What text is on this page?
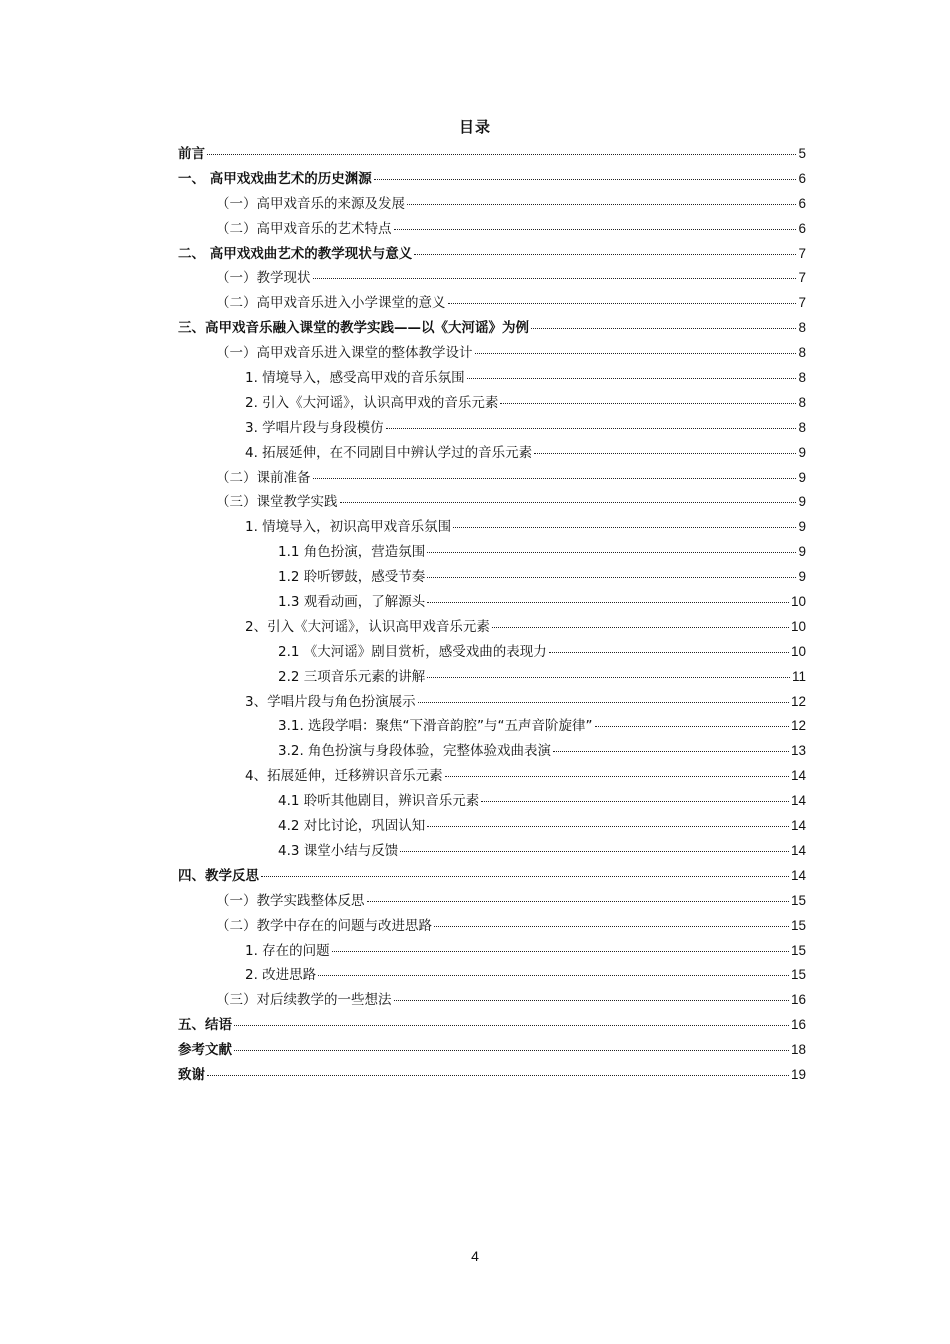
目录
前言	5
一、 高甲戏戏曲艺术的历史渊源	6
（一）高甲戏音乐的来源及发展	6
（二）高甲戏音乐的艺术特点	6
二、 高甲戏戏曲艺术的教学现状与意义	7
（一）教学现状	7
（二）高甲戏音乐进入小学课堂的意义	7
三、高甲戏音乐融入课堂的教学实践——以《大河谣》为例	8
（一）高甲戏音乐进入课堂的整体教学设计	8
1. 情境导入，感受高甲戏的音乐氛围	8
2. 引入《大河谣》，认识高甲戏的音乐元素	8
3. 学唱片段与身段模仿	8
4. 拓展延伸，在不同剧目中辨认学过的音乐元素	9
（二）课前准备	9
（三）课堂教学实践	9
1. 情境导入，初识高甲戏音乐氛围	9
1.1 角色扮演，营造氛围	9
1.2 聆听锣鼓，感受节奏	9
1.3 观看动画，了解源头	10
2、引入《大河谣》，认识高甲戏音乐元素	10
2.1 《大河谣》剧目赏析，感受戏曲的表现力	10
2.2 三项音乐元素的讲解	11
3、学唱片段与角色扮演展示	12
3.1. 选段学唱：聚焦“下滑音韵腔”与“五声音阶旋律”	12
3.2. 角色扮演与身段体验，完整体验戏曲表演	13
4、拓展延伸，迁移辨识音乐元素	14
4.1 聆听其他剧目，辨识音乐元素	14
4.2 对比讨论，巩固认知	14
4.3 课堂小结与反馈	14
四、教学反思	14
（一）教学实践整体反思	15
（二）教学中存在的问题与改进思路	15
1. 存在的问题	15
2. 改进思路	15
（三）对后续教学的一些想法	16
五、结语	16
参考文献	18
致谢	19
4
